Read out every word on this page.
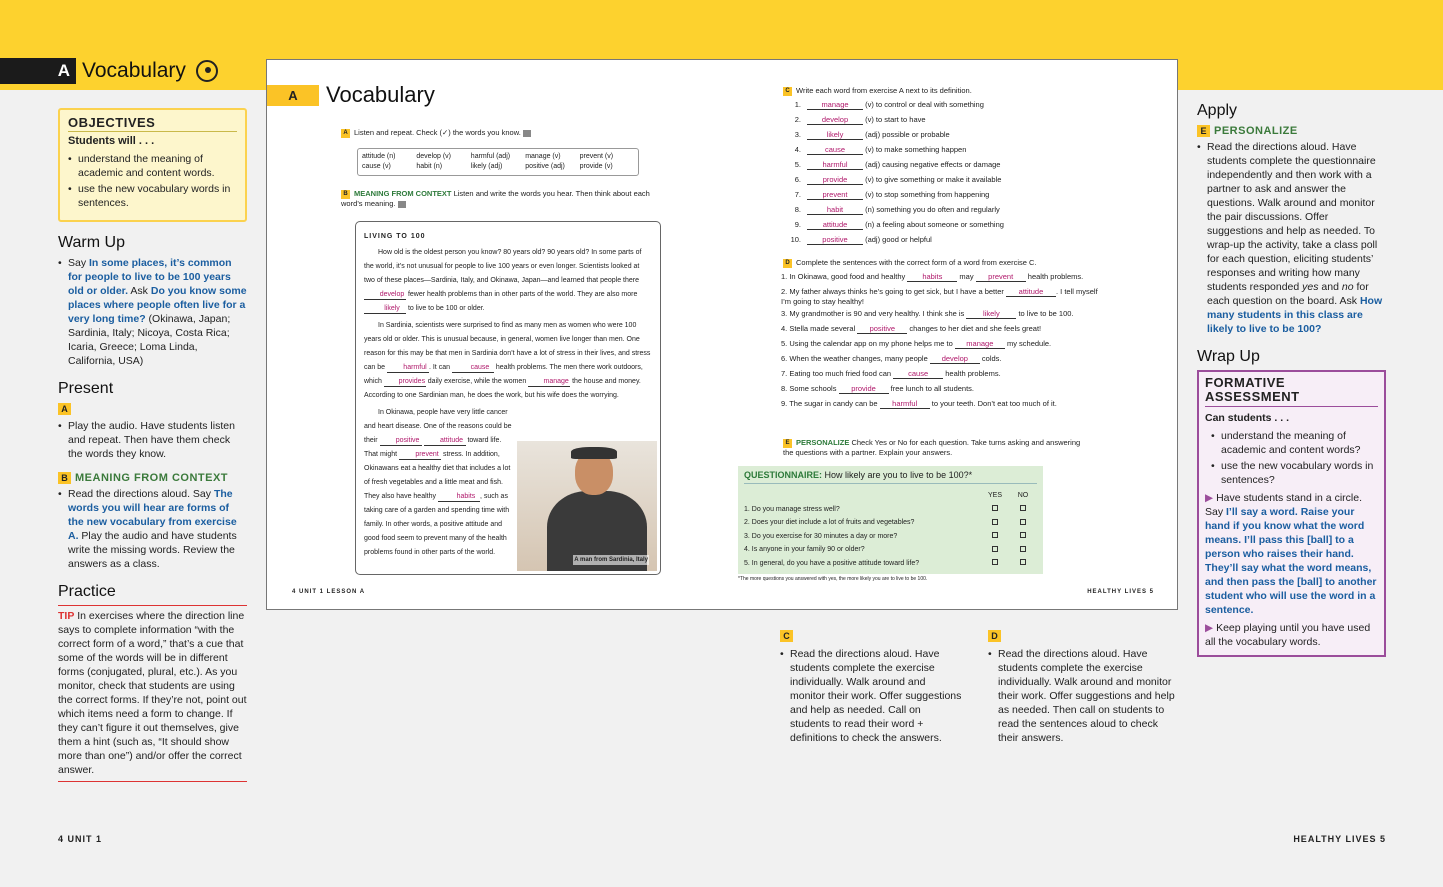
A Vocabulary
OBJECTIVES
Students will . . .
• understand the meaning of academic and content words.
• use the new vocabulary words in sentences.
Warm Up
• Say In some places, it’s common for people to live to be 100 years old or older. Ask Do you know some places where people often live for a very long time? (Okinawa, Japan; Sardinia, Italy; Nicoya, Costa Rica; Icaria, Greece; Loma Linda, California, USA)
Present
A
• Play the audio. Have students listen and repeat. Then have them check the words they know.
B MEANING FROM CONTEXT
• Read the directions aloud. Say The words you will hear are forms of the new vocabulary from exercise A. Play the audio and have students write the missing words. Review the answers as a class.
Practice
TIP In exercises where the direction line says to complete information “with the correct form of a word,” that’s a cue that some of the words will be in different forms (conjugated, plural, etc.). As you monitor, check that students are using the correct forms. If they’re not, point out which items need a form to change. If they can’t figure it out themselves, give them a hint (such as, “It should show more than one”) and/or offer the correct answer.
A	Vocabulary
A Listen and repeat. Check (✓) the words you know.
attitude (n)	develop (v)	harmful (adj)	manage (v)	prevent (v)
cause (v)	habit (n)	likely (adj)	positive (adj)	provide (v)
B MEANING FROM CONTEXT Listen and write the words you hear. Then think about each word’s meaning.
LIVING TO 100

How old is the oldest person you know? 80 years old? 90 years old? In some parts of the world, it’s not unusual for people to live 100 years or even longer. Scientists looked at two of these places—Sardinia, Italy, and Okinawa, Japan—and learned that people there develop fewer health problems than in other parts of the world. They are also more likely to live to be 100 or older.

In Sardinia, scientists were surprised to find as many men as women who were 100 years old or older. This is unusual because, in general, women live longer than men. One reason for this may be that men in Sardinia don’t have a lot of stress in their lives, and stress can be harmful . It can	cause health problems. The men there work outdoors, which provides daily exercise, while the women manage the house and money. According to one Sardinian man, he does the work, but his wife does the worrying.

In Okinawa, people have very little cancer and heart disease. One of the reasons could be their positive	attitude toward life. That might prevent stress. In addition, Okinawans eat a healthy diet that includes a lot of fresh vegetables and a little meat and fish. They also have healthy	habits , such as taking care of a garden and spending time with family. In other words, a positive attitude and good food seem to prevent many of the health problems found in other parts of the world.

A man from Sardinia, Italy
4 UNIT 1 LESSON A
C Write each word from exercise A next to its definition.
1.	manage
	(v) to control or deal with something
2.	develop
	(v) to start to have
3.	likely
	(adj) possible or probable
4.	cause
	(v) to make something happen
5.	harmful
	(adj) causing negative effects or damage
6.	provide
	(v) to give something or make it available
7.	prevent
	(v) to stop something from happening
8.	habit
	(n) something you do often and regularly
9.	attitude
	(n) a feeling about someone or something
10.	positive
	(adj) good or helpful
D Complete the sentences with the correct form of a word from exercise C.
1. In Okinawa, good food and healthy habits may prevent health problems.
2. My father always thinks he’s going to get sick, but I have a better attitude . I tell myself I’m going to stay healthy!
3. My grandmother is 90 and very healthy. I think she is likely to live to be 100.
4. Stella made several positive changes to her diet and she feels great!
5. Using the calendar app on my phone helps me to manage my schedule.
6. When the weather changes, many people develop colds.
7. Eating too much fried food can cause health problems.
8. Some schools provide free lunch to all students.
9. The sugar in candy can be harmful to your teeth. Don’t eat too much of it.
E PERSONALIZE Check Yes or No for each question. Take turns asking and answering the questions with a partner. Explain your answers.
QUESTIONNAIRE: How likely are you to live to be 100?*
YES	NO
1. Do you manage stress well?
2. Does your diet include a lot of fruits and vegetables?
3. Do you exercise for 30 minutes a day or more?
4. Is anyone in your family 90 or older?
5. In general, do you have a positive attitude toward life?
*The more questions you answered with yes, the more likely you are to live to be 100.
HEALTHY LIVES 5
Apply
E PERSONALIZE
• Read the directions aloud. Have students complete the questionnaire independently and then work with a partner to ask and answer the questions. Walk around and monitor the pair discussions. Offer suggestions and help as needed. To wrap-up the activity, take a class poll for each question, eliciting students’ responses and writing how many students responded yes and no for each question on the board. Ask How many students in this class are likely to live to be 100?
Wrap Up
FORMATIVE ASSESSMENT
Can students . . .
• understand the meaning of academic and content words?
• use the new vocabulary words in sentences?
▶ Have students stand in a circle. Say I’ll say a word. Raise your hand if you know what the word means. I’ll pass this [ball] to a person who raises their hand. They’ll say what the word means, and then pass the [ball] to another student who will use the word in a sentence.
▶ Keep playing until you have used all the vocabulary words.
C
• Read the directions aloud. Have students complete the exercise individually. Walk around and monitor their work. Offer suggestions and help as needed. Call on students to read their word + definitions to check the answers.
D
• Read the directions aloud. Have students complete the exercise individually. Walk around and monitor their work. Offer suggestions and help as needed. Then call on students to read the sentences aloud to check their answers.
4 UNIT 1	HEALTHY LIVES 5
